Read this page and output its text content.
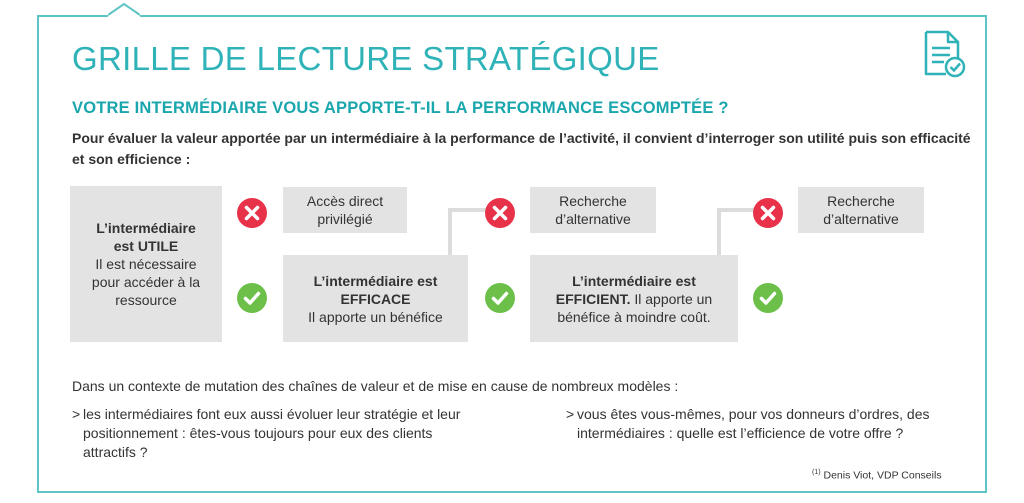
GRILLE DE LECTURE STRATÉGIQUE
VOTRE INTERMÉDIAIRE VOUS APPORTE-T-IL LA PERFORMANCE ESCOMPTÉE ?
Pour évaluer la valeur apportée par un intermédiaire à la performance de l’activité, il convient d’interroger son utilité puis son efficacité et son efficience :
L’intermédiaire est UTILE
Il est nécessaire pour accéder à la ressource
Accès direct privilégié
L’intermédiaire est EFFICACE
Il apporte un bénéfice
Recherche d’alternative
L’intermédiaire est
EFFICIENT. Il apporte un
bénéfice à moindre coût.
Recherche d’alternative
Dans un contexte de mutation des chaînes de valeur et de mise en cause de nombreux modèles :
> les intermédiaires font eux aussi évoluer leur stratégie et leur positionnement : êtes-vous toujours pour eux des clients attractifs ?
> vous êtes vous-mêmes, pour vos donneurs d’ordres, des intermédiaires : quelle est l’efficience de votre offre ?
$^{(1)}$ Denis Viot, VDP Conseils
